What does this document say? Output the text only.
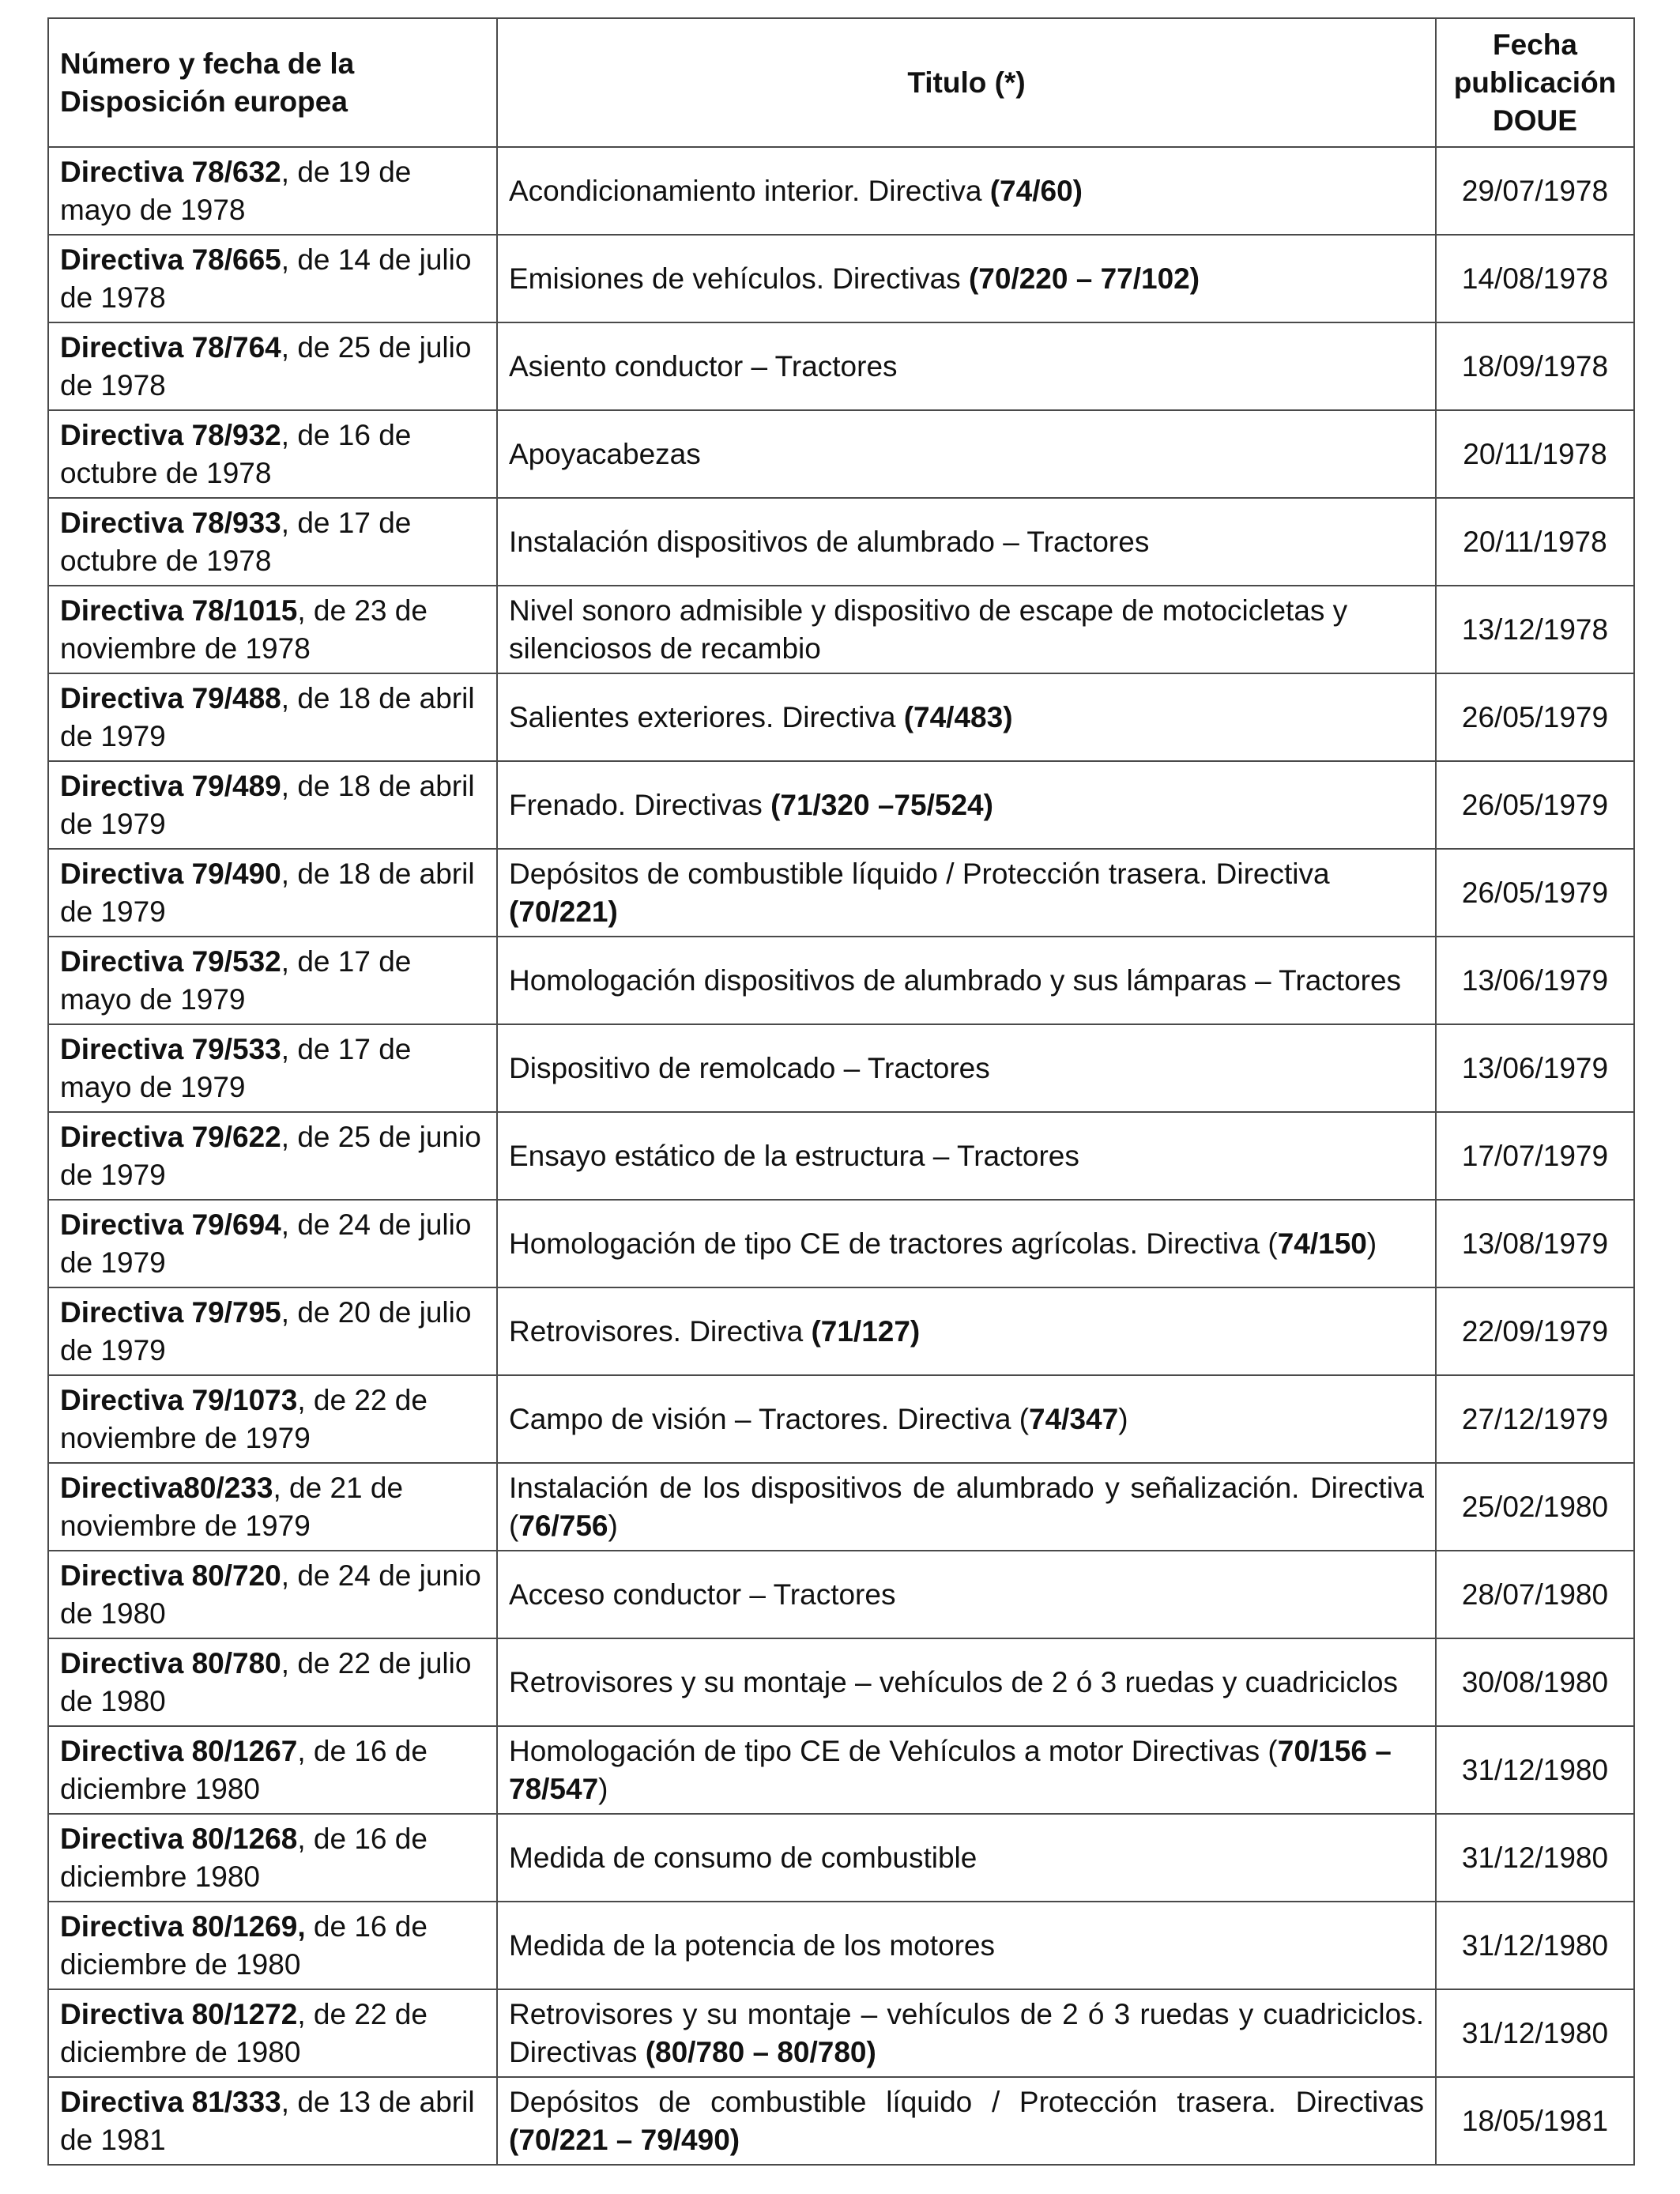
Número y fecha de la Disposición europea	Titulo (*)	Fecha publicación DOUE
Directiva 78/632, de 19 de mayo de 1978	Acondicionamiento interior. Directiva (74/60)	29/07/1978
Directiva 78/665, de 14 de julio de 1978	Emisiones de vehículos. Directivas (70/220 – 77/102)	14/08/1978
Directiva 78/764, de 25 de julio de 1978	Asiento conductor – Tractores	18/09/1978
Directiva 78/932, de 16 de octubre de 1978	Apoyacabezas	20/11/1978
Directiva 78/933, de 17 de octubre de 1978	Instalación dispositivos de alumbrado – Tractores	20/11/1978
Directiva 78/1015, de 23 de noviembre de 1978	Nivel sonoro admisible y dispositivo de escape de motocicletas y silenciosos de recambio	13/12/1978
Directiva 79/488, de 18 de abril de 1979	Salientes exteriores. Directiva (74/483)	26/05/1979
Directiva 79/489, de 18 de abril de 1979	Frenado. Directivas (71/320 –75/524)	26/05/1979
Directiva 79/490, de 18 de abril de 1979	Depósitos de combustible líquido / Protección trasera. Directiva (70/221)	26/05/1979
Directiva 79/532, de 17 de mayo de 1979	Homologación dispositivos de alumbrado y sus lámparas – Tractores	13/06/1979
Directiva 79/533, de 17 de mayo de 1979	Dispositivo de remolcado – Tractores	13/06/1979
Directiva 79/622, de 25 de junio de 1979	Ensayo estático de la estructura – Tractores	17/07/1979
Directiva 79/694, de 24 de julio de 1979	Homologación de tipo CE de tractores agrícolas. Directiva (74/150)	13/08/1979
Directiva 79/795, de 20 de julio de 1979	Retrovisores. Directiva (71/127)	22/09/1979
Directiva 79/1073, de 22 de noviembre de 1979	Campo de visión – Tractores. Directiva (74/347)	27/12/1979
Directiva80/233, de 21 de noviembre de 1979	Instalación de los dispositivos de alumbrado y señalización. Directiva (76/756)	25/02/1980
Directiva 80/720, de 24 de junio de 1980	Acceso conductor – Tractores	28/07/1980
Directiva 80/780, de 22 de julio de 1980	Retrovisores y su montaje – vehículos de 2 ó 3 ruedas y cuadriciclos	30/08/1980
Directiva 80/1267, de 16 de diciembre 1980	Homologación de tipo CE de Vehículos a motor Directivas (70/156 – 78/547)	31/12/1980
Directiva 80/1268, de 16 de diciembre 1980	Medida de consumo de combustible	31/12/1980
Directiva 80/1269, de 16 de diciembre de 1980	Medida de la potencia de los motores	31/12/1980
Directiva 80/1272, de 22 de diciembre de 1980	Retrovisores y su montaje – vehículos de 2 ó 3 ruedas y cuadriciclos. Directivas (80/780 – 80/780)	31/12/1980
Directiva 81/333, de 13 de abril de 1981	Depósitos de combustible líquido / Protección trasera. Directivas (70/221 – 79/490)	18/05/1981
